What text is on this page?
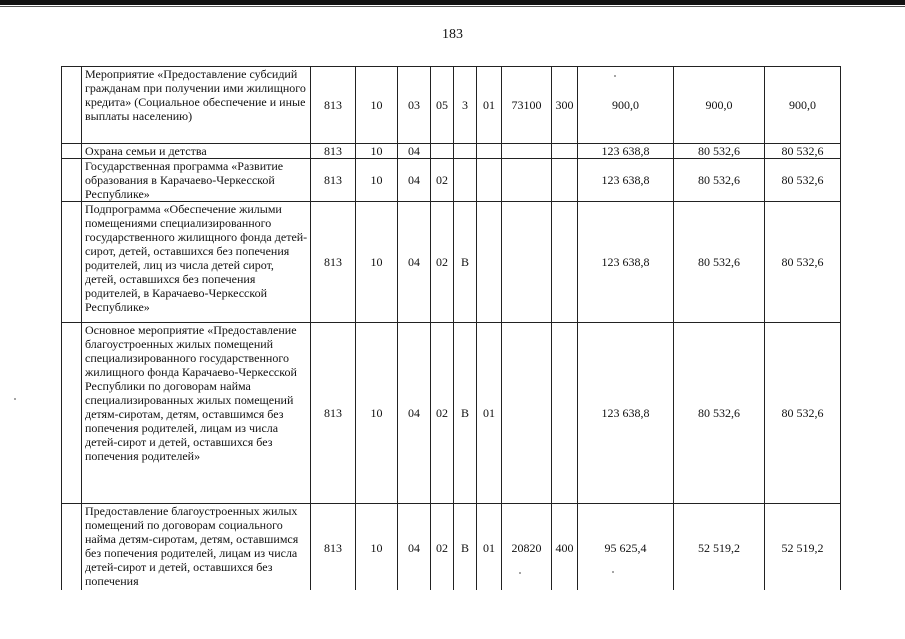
183
	Мероприятие «Предоставление субсидий гражданам при получении ими жилищного кредита» (Социальное обеспечение и иные выплаты населению)	813	10	03	05	3	01	73100	300	900,0	900,0	900,0
	Охрана семьи и детства	813	10	04						123 638,8	80 532,6	80 532,6
	Государственная программа «Развитие образования в Карачаево-Черкесской Республике»	813	10	04	02					123 638,8	80 532,6	80 532,6
	Подпрограмма «Обеспечение жилыми помещениями специализированного государственного жилищного фонда детей-сирот, детей, оставшихся без попечения родителей, лиц из числа детей сирот, детей, оставшихся без попечения родителей, в Карачаево-Черкесской Республике»	813	10	04	02	В				123 638,8	80 532,6	80 532,6
	Основное мероприятие «Предоставление благоустроенных жилых помещений специализированного государственного жилищного фонда Карачаево-Черкесской Республики по договорам найма специализированных жилых помещений детям-сиротам, детям, оставшимся без попечения родителей, лицам из числа детей-сирот и детей, оставшихся без попечения родителей»	813	10	04	02	В	01			123 638,8	80 532,6	80 532,6
	Предоставление благоустроенных жилых помещений по договорам социального найма детям-сиротам, детям, оставшимся без попечения родителей, лицам из числа детей-сирот и детей, оставшихся без попечения	813	10	04	02	В	01	20820	400	95 625,4	52 519,2	52 519,2
